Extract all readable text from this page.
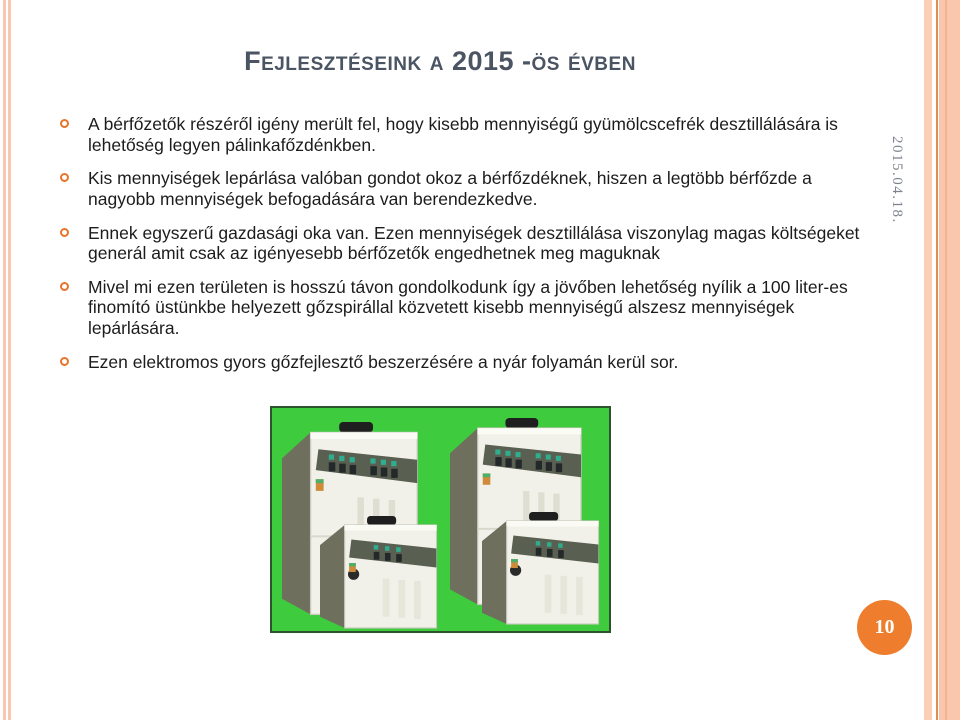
Fejlesztéseink a 2015 -ös évben
A bérfőzetők részéről igény merült fel, hogy kisebb mennyiségű gyümölcscefrék desztillálására is lehetőség legyen pálinkafőzdénkben.
Kis mennyiségek lepárlása valóban gondot okoz a bérfőzdéknek, hiszen a legtöbb bérfőzde a nagyobb mennyiségek befogadására van berendezkedve.
Ennek egyszerű gazdasági oka van. Ezen mennyiségek desztillálása viszonylag magas költségeket generál amit csak az igényesebb bérfőzetők engedhetnek meg maguknak
Mivel mi ezen területen is hosszú távon gondolkodunk így a jövőben lehetőség nyílik a 100 liter-es finomító üstünkbe helyezett gőzspirállal közvetett kisebb mennyiségű alszesz mennyiségek lepárlására.
Ezen elektromos gyors gőzfejlesztő beszerzésére a nyár folyamán kerül sor.
2015.04.18.
10
